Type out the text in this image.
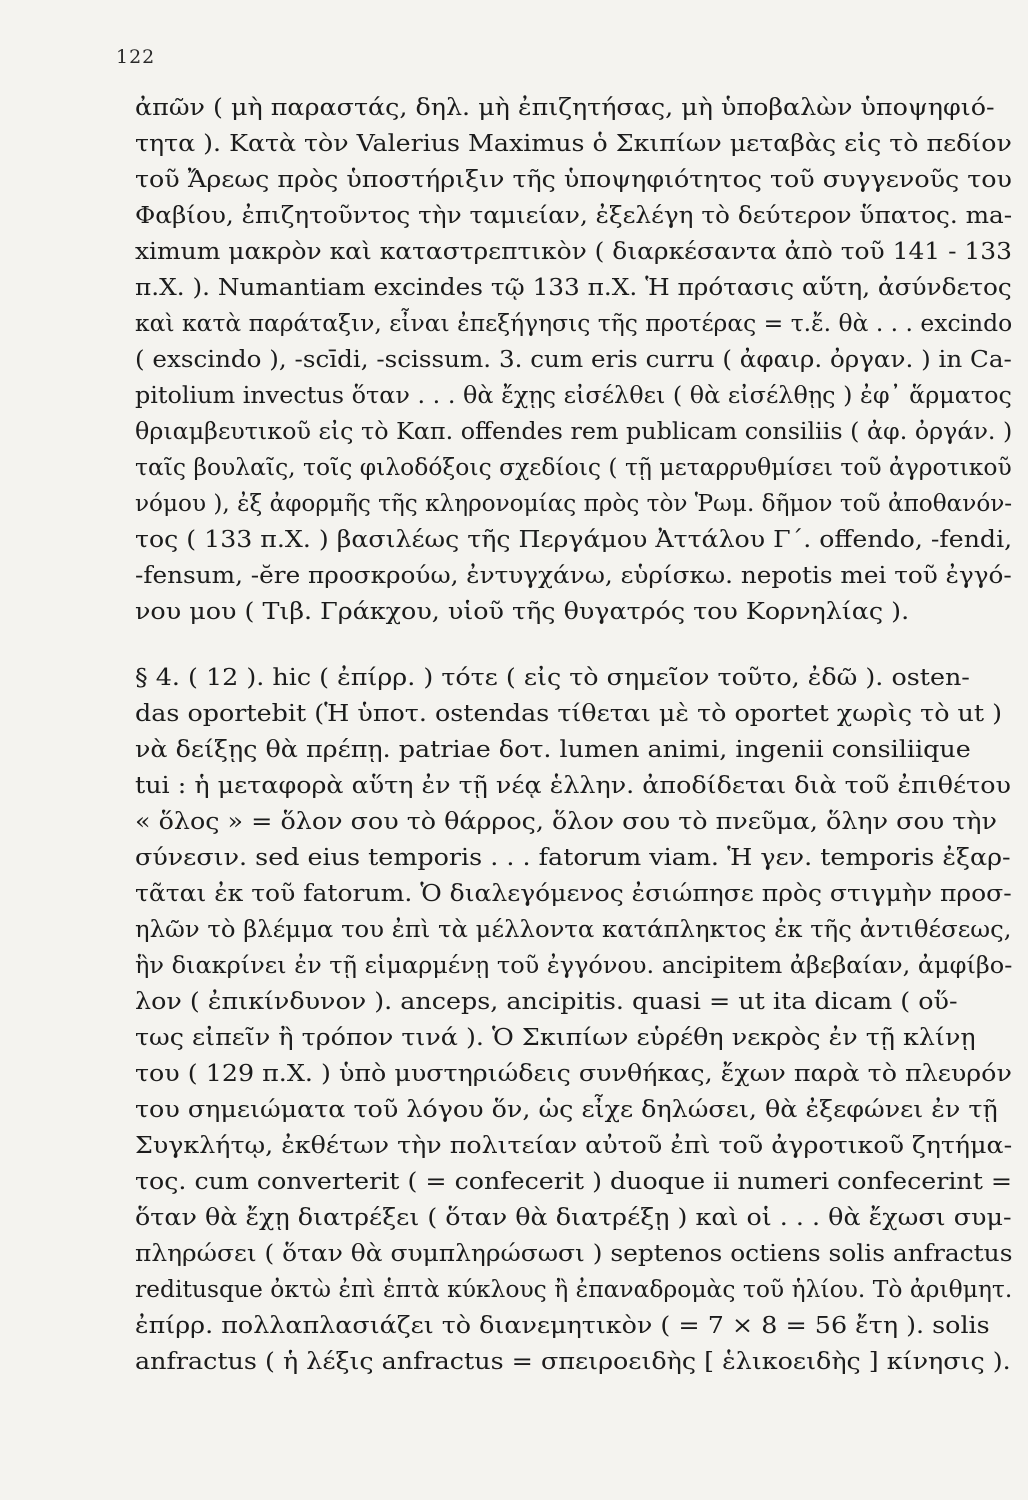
122
ἀπῶν ( μὴ παραστάς, δηλ. μὴ ἐπιζητήσας, μὴ ὑποβαλὼν ὑποψηφιό-
τητα ). Κατὰ τὸν Valerius Maximus ὁ Σκιπίων μεταβὰς εἰς τὸ πεδίον
τοῦ Ἄρεως πρὸς ὑποστήριξιν τῆς ὑποψηφιότητος τοῦ συγγενοῦς του
Φαβίου, ἐπιζητοῦντος τὴν ταμιείαν, ἐξελέγη τὸ δεύτερον ὕπατος. ma-
ximum μακρὸν καὶ καταστρεπτικὸν ( διαρκέσαντα ἀπὸ τοῦ 141 - 133
π.Χ. ). Numantiam excindes τῷ 133 π.Χ. Ἡ πρότασις αὕτη, ἀσύνδετος
καὶ κατὰ παράταξιν, εἶναι ἐπεξήγησις τῆς προτέρας = τ.ἔ. θὰ . . . excindo
( exscindo ), -scīdi, -scissum. 3. cum eris curru ( ἀφαιρ. ὀργαν. ) in Ca-
pitolium invectus ὅταν . . . θὰ ἔχῃς εἰσέλθει ( θὰ εἰσέλθῃς ) ἐφ᾽ ἅρματος
θριαμβευτικοῦ εἰς τὸ Καπ. offendes rem publicam consiliis ( ἀφ. ὀργάν. )
ταῖς βουλαῖς, τοῖς φιλοδόξοις σχεδίοις ( τῇ μεταρρυθμίσει τοῦ ἀγροτικοῦ
νόμου ), ἐξ ἀφορμῆς τῆς κληρονομίας πρὸς τὸν Ῥωμ. δῆμον τοῦ ἀποθανόν-
τος ( 133 π.Χ. ) βασιλέως τῆς Περγάμου Ἀττάλου Γ΄. offendo, -fendi,
-fensum, -ĕre προσκρούω, ἐντυγχάνω, εὑρίσκω. nepotis mei τοῦ ἐγγό-
νου μου ( Τιβ. Γράκχου, υἱοῦ τῆς θυγατρός του Κορνηλίας ).
§ 4. ( 12 ). hic ( ἐπίρρ. ) τότε ( εἰς τὸ σημεῖον τοῦτο, ἐδῶ ). osten-
das oportebit (Ἡ ὑποτ. ostendas τίθεται μὲ τὸ oportet χωρὶς τὸ ut )
νὰ δείξῃς θὰ πρέπῃ. patriae δοτ. lumen animi, ingenii consiliique
tui : ἡ μεταφορὰ αὕτη ἐν τῇ νέᾳ ἑλλην. ἀποδίδεται διὰ τοῦ ἐπιθέτου
« ὅλος » = ὅλον σου τὸ θάρρος, ὅλον σου τὸ πνεῦμα, ὅλην σου τὴν
σύνεσιν. sed eius temporis . . . fatorum viam. Ἡ γεν. temporis ἐξαρ-
τᾶται ἐκ τοῦ fatorum. Ὁ διαλεγόμενος ἐσιώπησε πρὸς στιγμὴν προσ-
ηλῶν τὸ βλέμμα του ἐπὶ τὰ μέλλοντα κατάπληκτος ἐκ τῆς ἀντιθέσεως,
ἣν διακρίνει ἐν τῇ εἱμαρμένῃ τοῦ ἐγγόνου. ancipitem ἀβεβαίαν, ἀμφίβο-
λον ( ἐπικίνδυνον ). anceps, ancipitis. quasi = ut ita dicam ( οὕ-
τως εἰπεῖν ἢ τρόπον τινά ). Ὁ Σκιπίων εὑρέθη νεκρὸς ἐν τῇ κλίνῃ
του ( 129 π.Χ. ) ὑπὸ μυστηριώδεις συνθήκας, ἔχων παρὰ τὸ πλευρόν
του σημειώματα τοῦ λόγου ὅν, ὡς εἶχε δηλώσει, θὰ ἐξεφώνει ἐν τῇ
Συγκλήτῳ, ἐκθέτων τὴν πολιτείαν αὐτοῦ ἐπὶ τοῦ ἀγροτικοῦ ζητήμα-
τος. cum converterit ( = confecerit ) duoque ii numeri confecerint =
ὅταν θὰ ἔχῃ διατρέξει ( ὅταν θὰ διατρέξῃ ) καὶ οἱ . . . θὰ ἔχωσι συμ-
πληρώσει ( ὅταν θὰ συμπληρώσωσι ) septenos octiens solis anfractus
reditusque ὀκτὼ ἐπὶ ἑπτὰ κύκλους ἢ ἐπαναδρομὰς τοῦ ἡλίου. Τὸ ἀριθμητ.
ἐπίρρ. πολλαπλασιάζει τὸ διανεμητικὸν ( = 7 × 8 = 56 ἔτη ). solis
anfractus ( ἡ λέξις anfractus = σπειροειδὴς [ ἑλικοειδὴς ] κίνησις ).
